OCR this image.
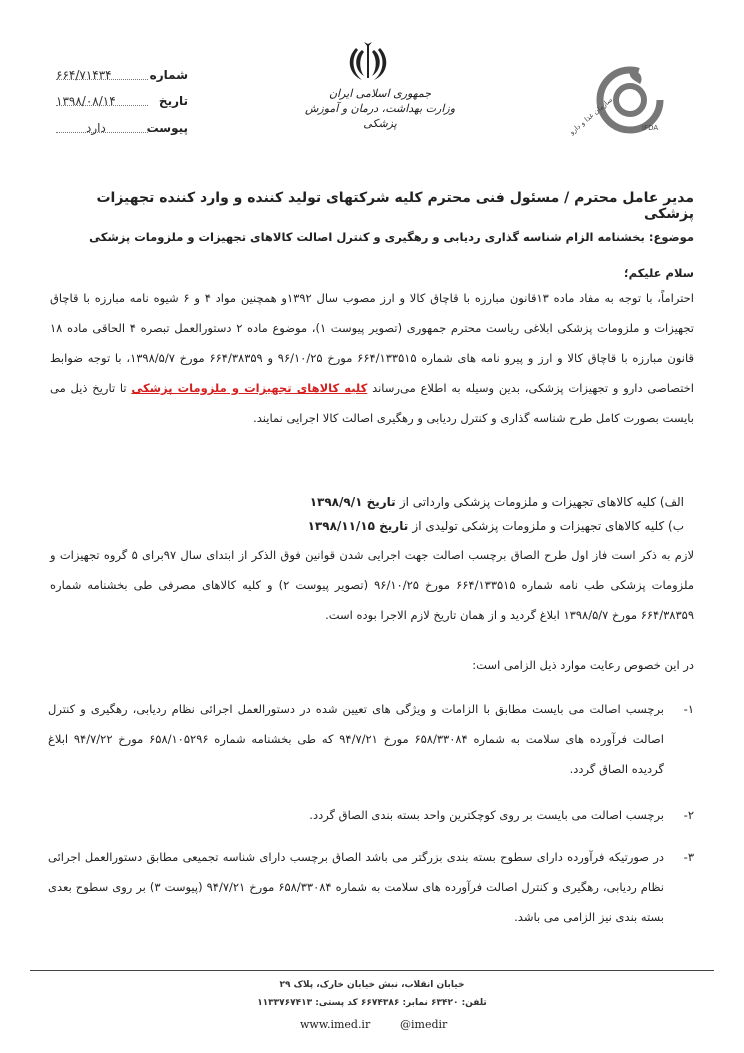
شماره
۶۶۴/۷۱۴۳۴
تاریخ
۱۳۹۸/۰۸/۱۴
پیوست
دارد
جمهوری اسلامی ایران
وزارت بهداشت، درمان و آموزش پزشکی	سازمان غذا و دارو	IFDA
مدیر عامل محترم / مسئول فنی محترم کلیه شرکتهای تولید کننده و وارد کننده تجهیزات پزشکی
موضوع: بخشنامه الزام شناسه گذاری ردیابی و رهگیری و کنترل اصالت کالاهای تجهیزات و ملزومات پزشکی
سلام علیکم؛
احتراماً، با توجه به مفاد ماده ۱۳قانون مبارزه با قاچاق کالا و ارز مصوب سال ۱۳۹۲و همچنین مواد ۴ و ۶ شیوه نامه مبارزه با قاچاق تجهیزات و ملزومات پزشکی ابلاغی ریاست محترم جمهوری (تصویر پیوست ۱)، موضوع ماده ۲ دستورالعمل تبصره ۴ الحاقی ماده ۱۸ قانون مبارزه با قاچاق کالا و ارز و پیرو نامه های شماره ۶۶۴/۱۳۳۵۱۵ مورخ ۹۶/۱۰/۲۵ و ۶۶۴/۳۸۳۵۹ مورخ ۱۳۹۸/۵/۷، با توجه ضوابط اختصاصی دارو و تجهیزات پزشکی، بدین وسیله به اطلاع می‌رساند کلیه کالاهای تجهیزات و ملزومات پزشکی تا تاریخ ذیل می بایست بصورت کامل طرح شناسه گذاری و کنترل ردیابی و رهگیری اصالت کالا اجرایی نمایند.
الف) کلیه کالاهای تجهیزات و ملزومات پزشکی وارداتی از تاریخ ۱۳۹۸/۹/۱
ب) کلیه کالاهای تجهیزات و ملزومات پزشکی تولیدی از تاریخ ۱۳۹۸/۱۱/۱۵
لازم به ذکر است فاز اول طرح الصاق برچسب اصالت جهت اجرایی شدن قوانین فوق الذکر از ابتدای سال ۹۷برای ۵ گروه تجهیزات و ملزومات پزشکی طب نامه شماره ۶۶۴/۱۳۳۵۱۵ مورخ ۹۶/۱۰/۲۵ (تصویر پیوست ۲) و کلیه کالاهای مصرفی طی بخشنامه شماره ۶۶۴/۳۸۳۵۹ مورخ ۱۳۹۸/۵/۷ ابلاغ گردید و از همان تاریخ لازم الاجرا بوده است.
در این خصوص رعایت موارد ذیل الزامی است:
۱-
برچسب اصالت می بایست مطابق با الزامات و ویژگی های تعیین شده در دستورالعمل اجرائی نظام ردیابی، رهگیری و کنترل اصالت فرآورده های سلامت به شماره ۶۵۸/۳۳۰۸۴ مورخ ۹۴/۷/۲۱ که طی بخشنامه شماره ۶۵۸/۱۰۵۲۹۶ مورخ ۹۴/۷/۲۲ ابلاغ گردیده الصاق گردد.
۲-
برچسب اصالت می بایست بر روی کوچکترین واحد بسته بندی الصاق گردد.
۳-
در صورتیکه فرآورده دارای سطوح بسته بندی بزرگتر می باشد الصاق برچسب دارای شناسه تجمیعی مطابق دستورالعمل اجرائی نظام ردیابی، رهگیری و کنترل اصالت فرآورده های سلامت به شماره ۶۵۸/۳۳۰۸۴ مورخ ۹۴/۷/۲۱ (پیوست ۳) بر روی سطوح بعدی بسته بندی نیز الزامی می باشد.
خیابان انقلاب، نبش خیابان خارک، پلاک ۲۹
تلفن: ۶۳۴۲۰ نمابر: ۶۶۷۴۳۸۶ کد پستی: ۱۱۳۳۷۶۷۴۱۳
www.imed.ir	@imedir
